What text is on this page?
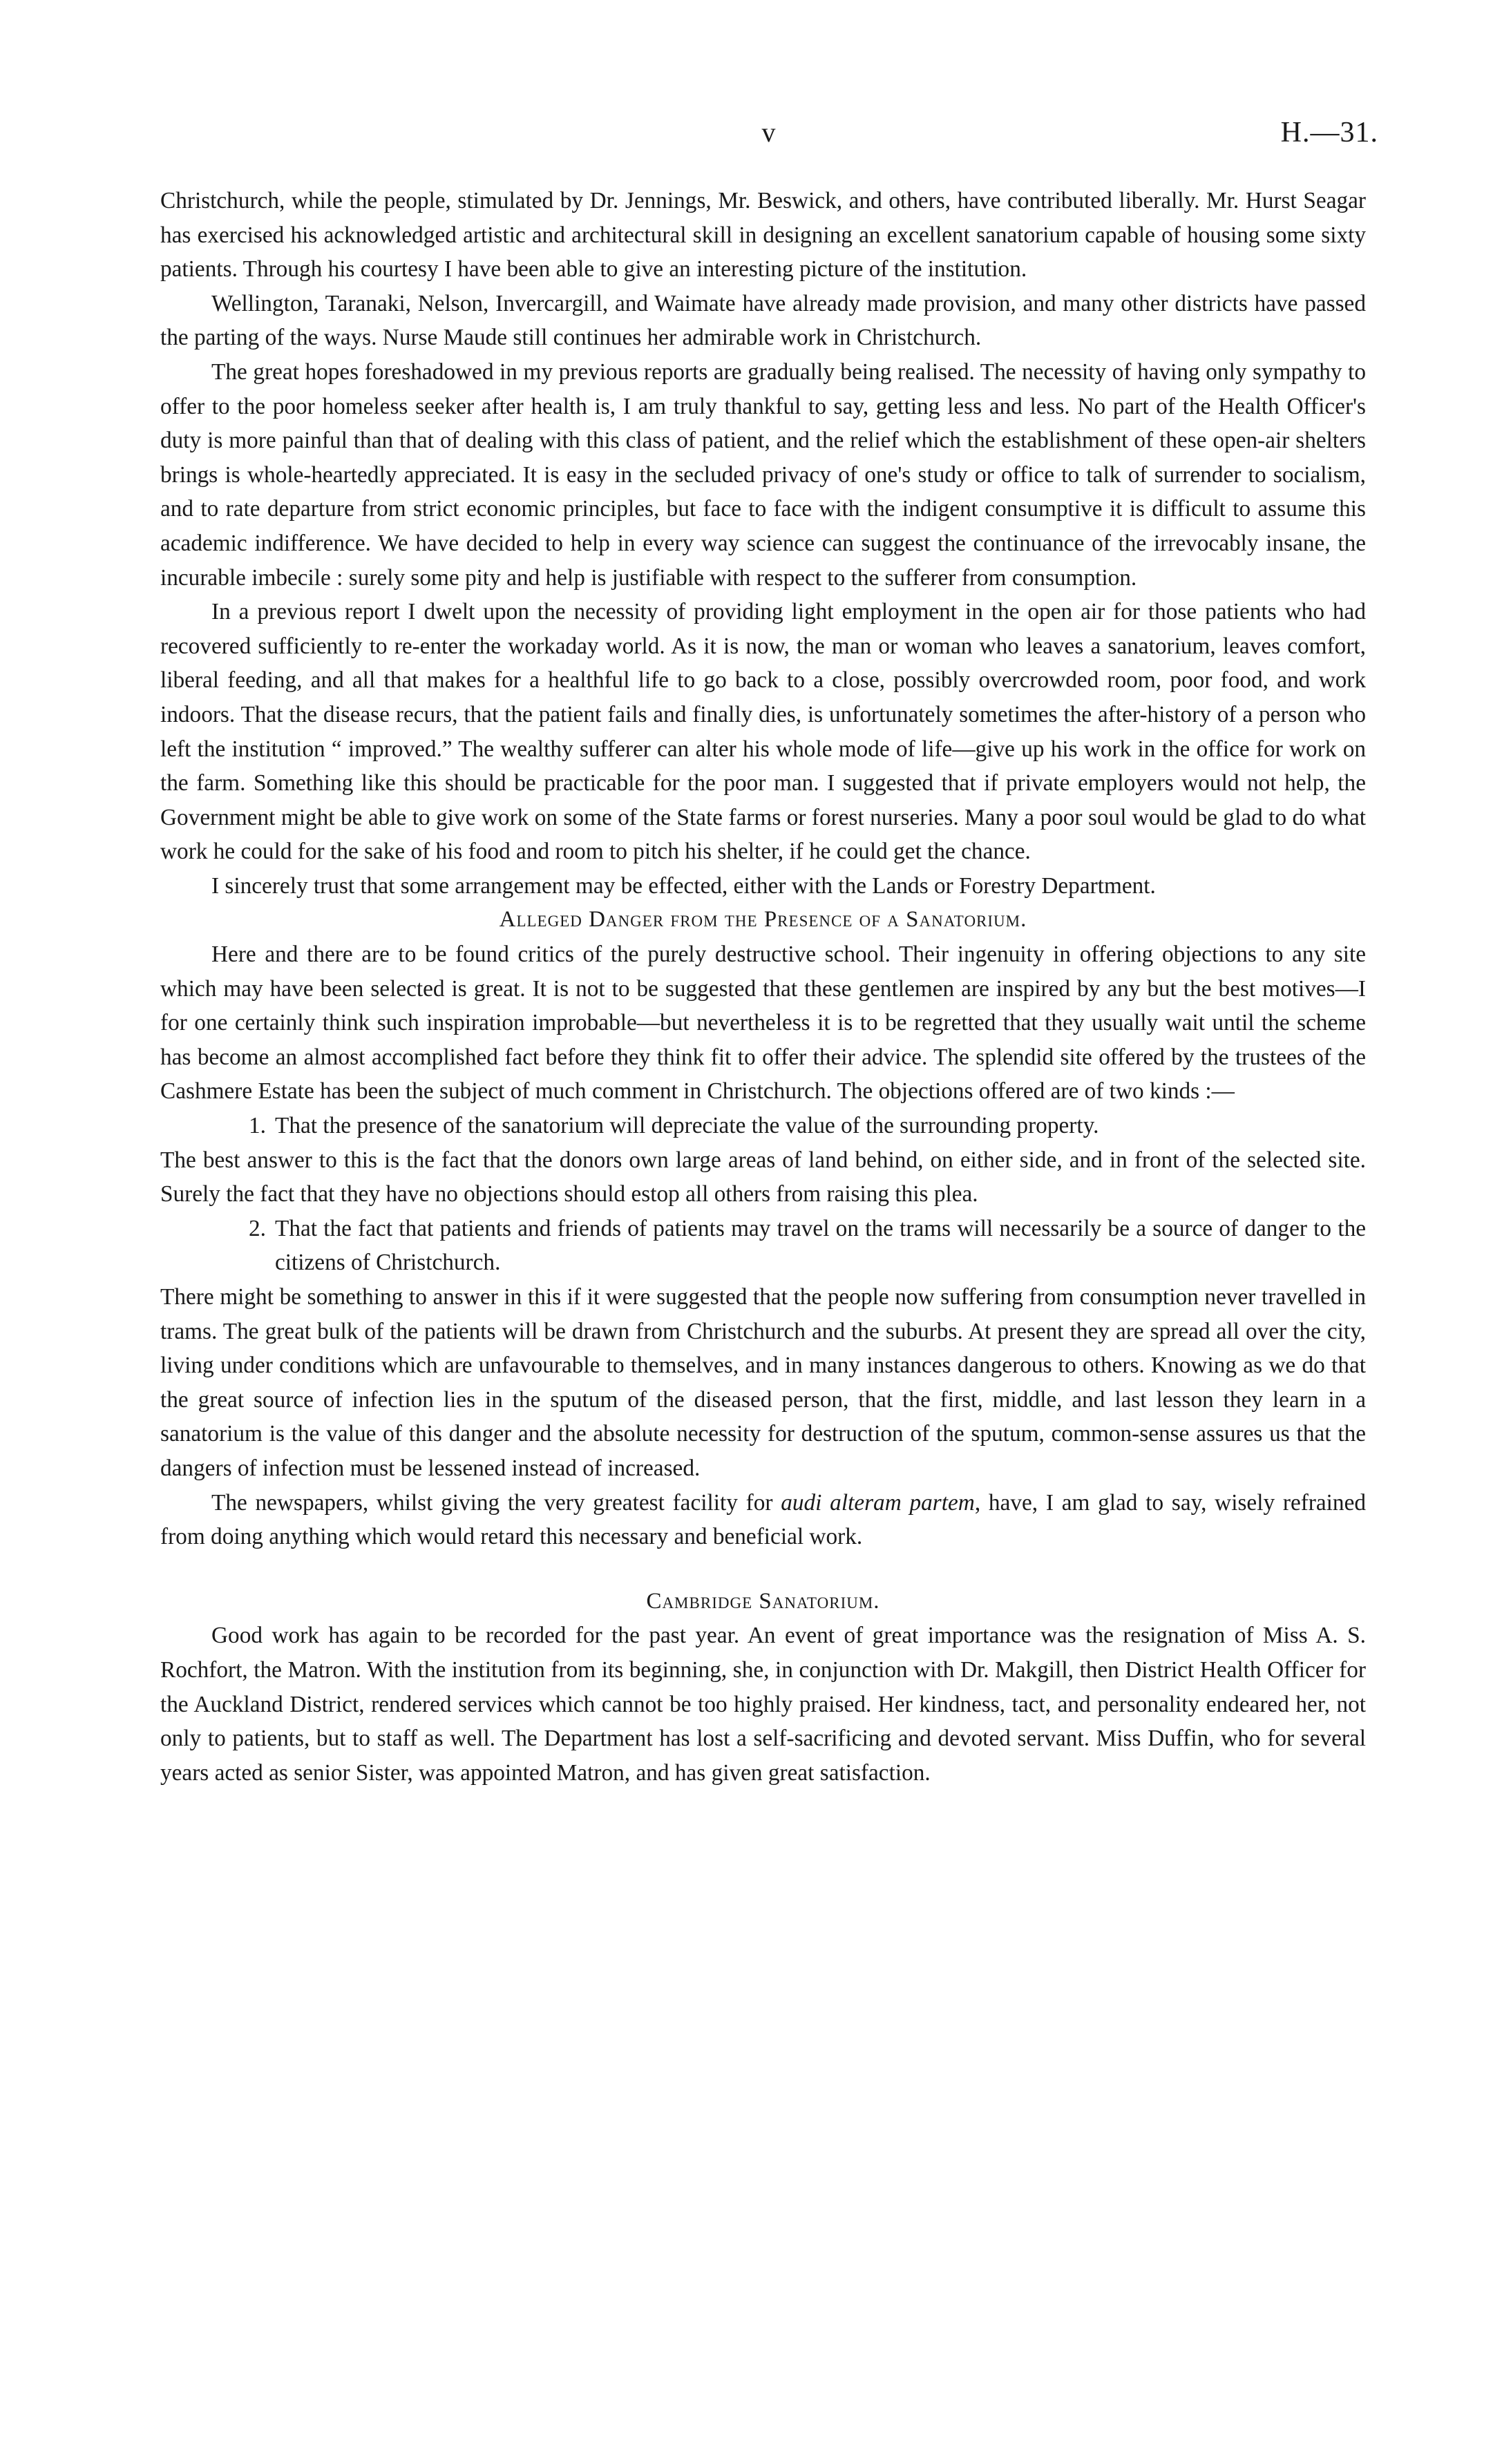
v	H.—31.

Christchurch, while the people, stimulated by Dr. Jennings, Mr. Beswick, and others, have contributed liberally. Mr. Hurst Seagar has exercised his acknowledged artistic and architectural skill in designing an excellent sanatorium capable of housing some sixty patients. Through his courtesy I have been able to give an interesting picture of the institution.

Wellington, Taranaki, Nelson, Invercargill, and Waimate have already made provision, and many other districts have passed the parting of the ways. Nurse Maude still continues her admirable work in Christchurch.

The great hopes foreshadowed in my previous reports are gradually being realised. The necessity of having only sympathy to offer to the poor homeless seeker after health is, I am truly thankful to say, getting less and less. No part of the Health Officer's duty is more painful than that of dealing with this class of patient, and the relief which the establishment of these open-air shelters brings is whole-heartedly appreciated. It is easy in the secluded privacy of one's study or office to talk of surrender to socialism, and to rate departure from strict economic principles, but face to face with the indigent consumptive it is difficult to assume this academic indifference. We have decided to help in every way science can suggest the continuance of the irrevocably insane, the incurable imbecile : surely some pity and help is justifiable with respect to the sufferer from consumption.

In a previous report I dwelt upon the necessity of providing light employment in the open air for those patients who had recovered sufficiently to re-enter the workaday world. As it is now, the man or woman who leaves a sanatorium, leaves comfort, liberal feeding, and all that makes for a healthful life to go back to a close, possibly overcrowded room, poor food, and work indoors. That the disease recurs, that the patient fails and finally dies, is unfortunately sometimes the after-history of a person who left the institution “ improved.” The wealthy sufferer can alter his whole mode of life—give up his work in the office for work on the farm. Something like this should be practicable for the poor man. I suggested that if private employers would not help, the Government might be able to give work on some of the State farms or forest nurseries. Many a poor soul would be glad to do what work he could for the sake of his food and room to pitch his shelter, if he could get the chance.

I sincerely trust that some arrangement may be effected, either with the Lands or Forestry Department.

Alleged Danger from the Presence of a Sanatorium.

Here and there are to be found critics of the purely destructive school. Their ingenuity in offering objections to any site which may have been selected is great. It is not to be suggested that these gentlemen are inspired by any but the best motives—I for one certainly think such inspiration improbable—but nevertheless it is to be regretted that they usually wait until the scheme has become an almost accomplished fact before they think fit to offer their advice. The splendid site offered by the trustees of the Cashmere Estate has been the subject of much comment in Christchurch. The objections offered are of two kinds :—

1. That the presence of the sanatorium will depreciate the value of the surrounding property.

The best answer to this is the fact that the donors own large areas of land behind, on either side, and in front of the selected site. Surely the fact that they have no objections should estop all others from raising this plea.

2. That the fact that patients and friends of patients may travel on the trams will necessarily be a source of danger to the citizens of Christchurch.

There might be something to answer in this if it were suggested that the people now suffering from consumption never travelled in trams. The great bulk of the patients will be drawn from Christchurch and the suburbs. At present they are spread all over the city, living under conditions which are unfavourable to themselves, and in many instances dangerous to others. Knowing as we do that the great source of infection lies in the sputum of the diseased person, that the first, middle, and last lesson they learn in a sanatorium is the value of this danger and the absolute necessity for destruction of the sputum, common-sense assures us that the dangers of infection must be lessened instead of increased.

The newspapers, whilst giving the very greatest facility for audi alteram partem, have, I am glad to say, wisely refrained from doing anything which would retard this necessary and beneficial work.

Cambridge Sanatorium.

Good work has again to be recorded for the past year. An event of great importance was the resignation of Miss A. S. Rochfort, the Matron. With the institution from its beginning, she, in conjunction with Dr. Makgill, then District Health Officer for the Auckland District, rendered services which cannot be too highly praised. Her kindness, tact, and personality endeared her, not only to patients, but to staff as well. The Department has lost a self-sacrificing and devoted servant. Miss Duffin, who for several years acted as senior Sister, was appointed Matron, and has given great satisfaction.
